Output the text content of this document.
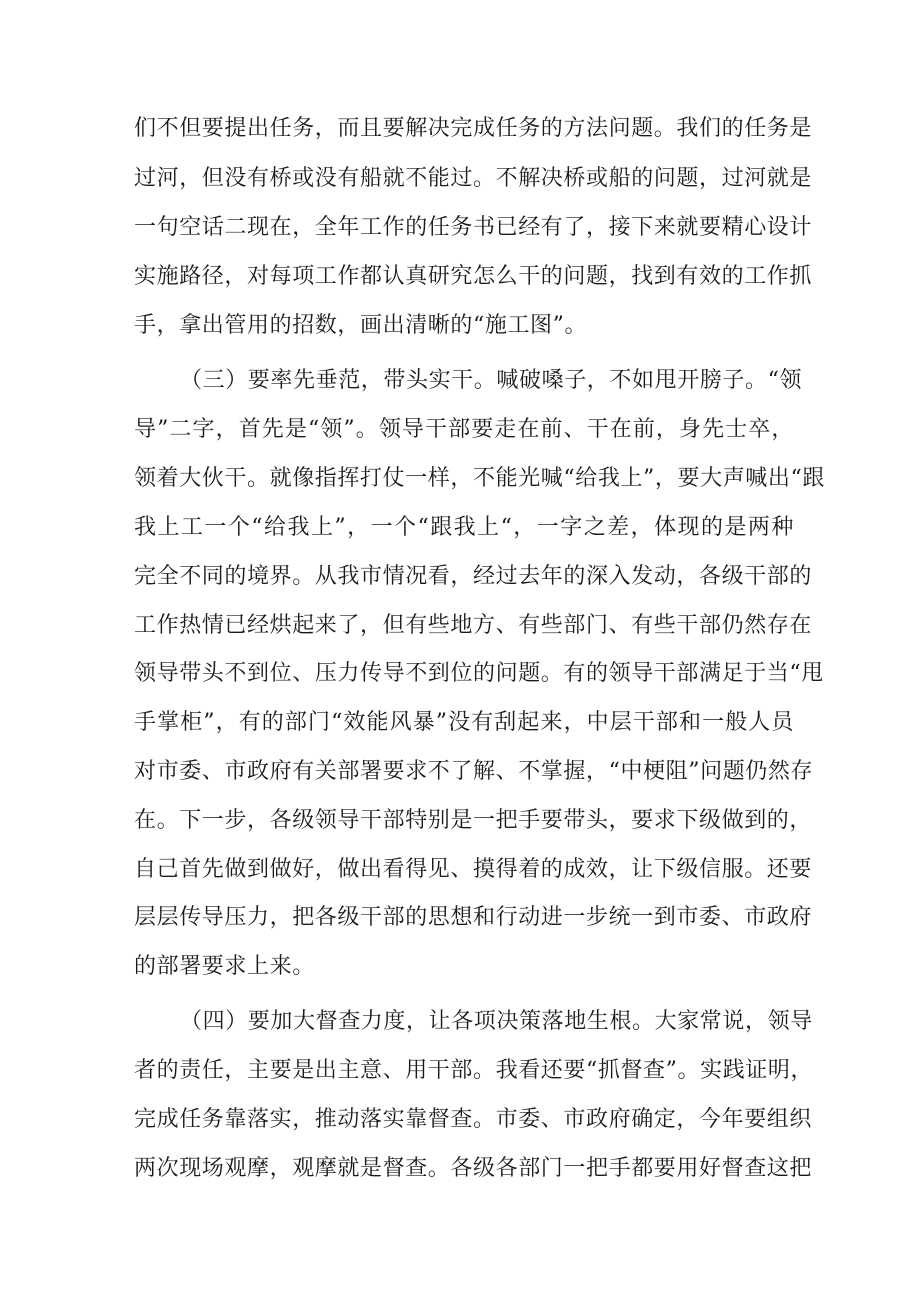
们不但要提出任务，而且要解决完成任务的方法问题。我们的任务是
过河，但没有桥或没有船就不能过。不解决桥或船的问题，过河就是
一句空话二现在，全年工作的任务书已经有了，接下来就要精心设计
实施路径，对每项工作都认真研究怎么干的问题，找到有效的工作抓
手，拿出管用的招数，画出清晰的“施工图”。
（三）要率先垂范，带头实干。喊破嗓子，不如甩开膀子。“领
导”二字，首先是“领”。领导干部要走在前、干在前，身先士卒，
领着大伙干。就像指挥打仗一样，不能光喊“给我上”，要大声喊出“跟
我上工一个“给我上”，一个“跟我上“，一字之差，体现的是两种
完全不同的境界。从我市情况看，经过去年的深入发动，各级干部的
工作热情已经烘起来了，但有些地方、有些部门、有些干部仍然存在
领导带头不到位、压力传导不到位的问题。有的领导干部满足于当“甩
手掌柜”，有的部门“效能风暴”没有刮起来，中层干部和一般人员
对市委、市政府有关部署要求不了解、不掌握，“中梗阻”问题仍然存
在。下一步，各级领导干部特别是一把手要带头，要求下级做到的，
自己首先做到做好，做出看得见、摸得着的成效，让下级信服。还要
层层传导压力，把各级干部的思想和行动进一步统一到市委、市政府
的部署要求上来。
（四）要加大督查力度，让各项决策落地生根。大家常说，领导
者的责任，主要是出主意、用干部。我看还要“抓督查”。实践证明，
完成任务靠落实，推动落实靠督查。市委、市政府确定，今年要组织
两次现场观摩，观摩就是督查。各级各部门一把手都要用好督查这把
